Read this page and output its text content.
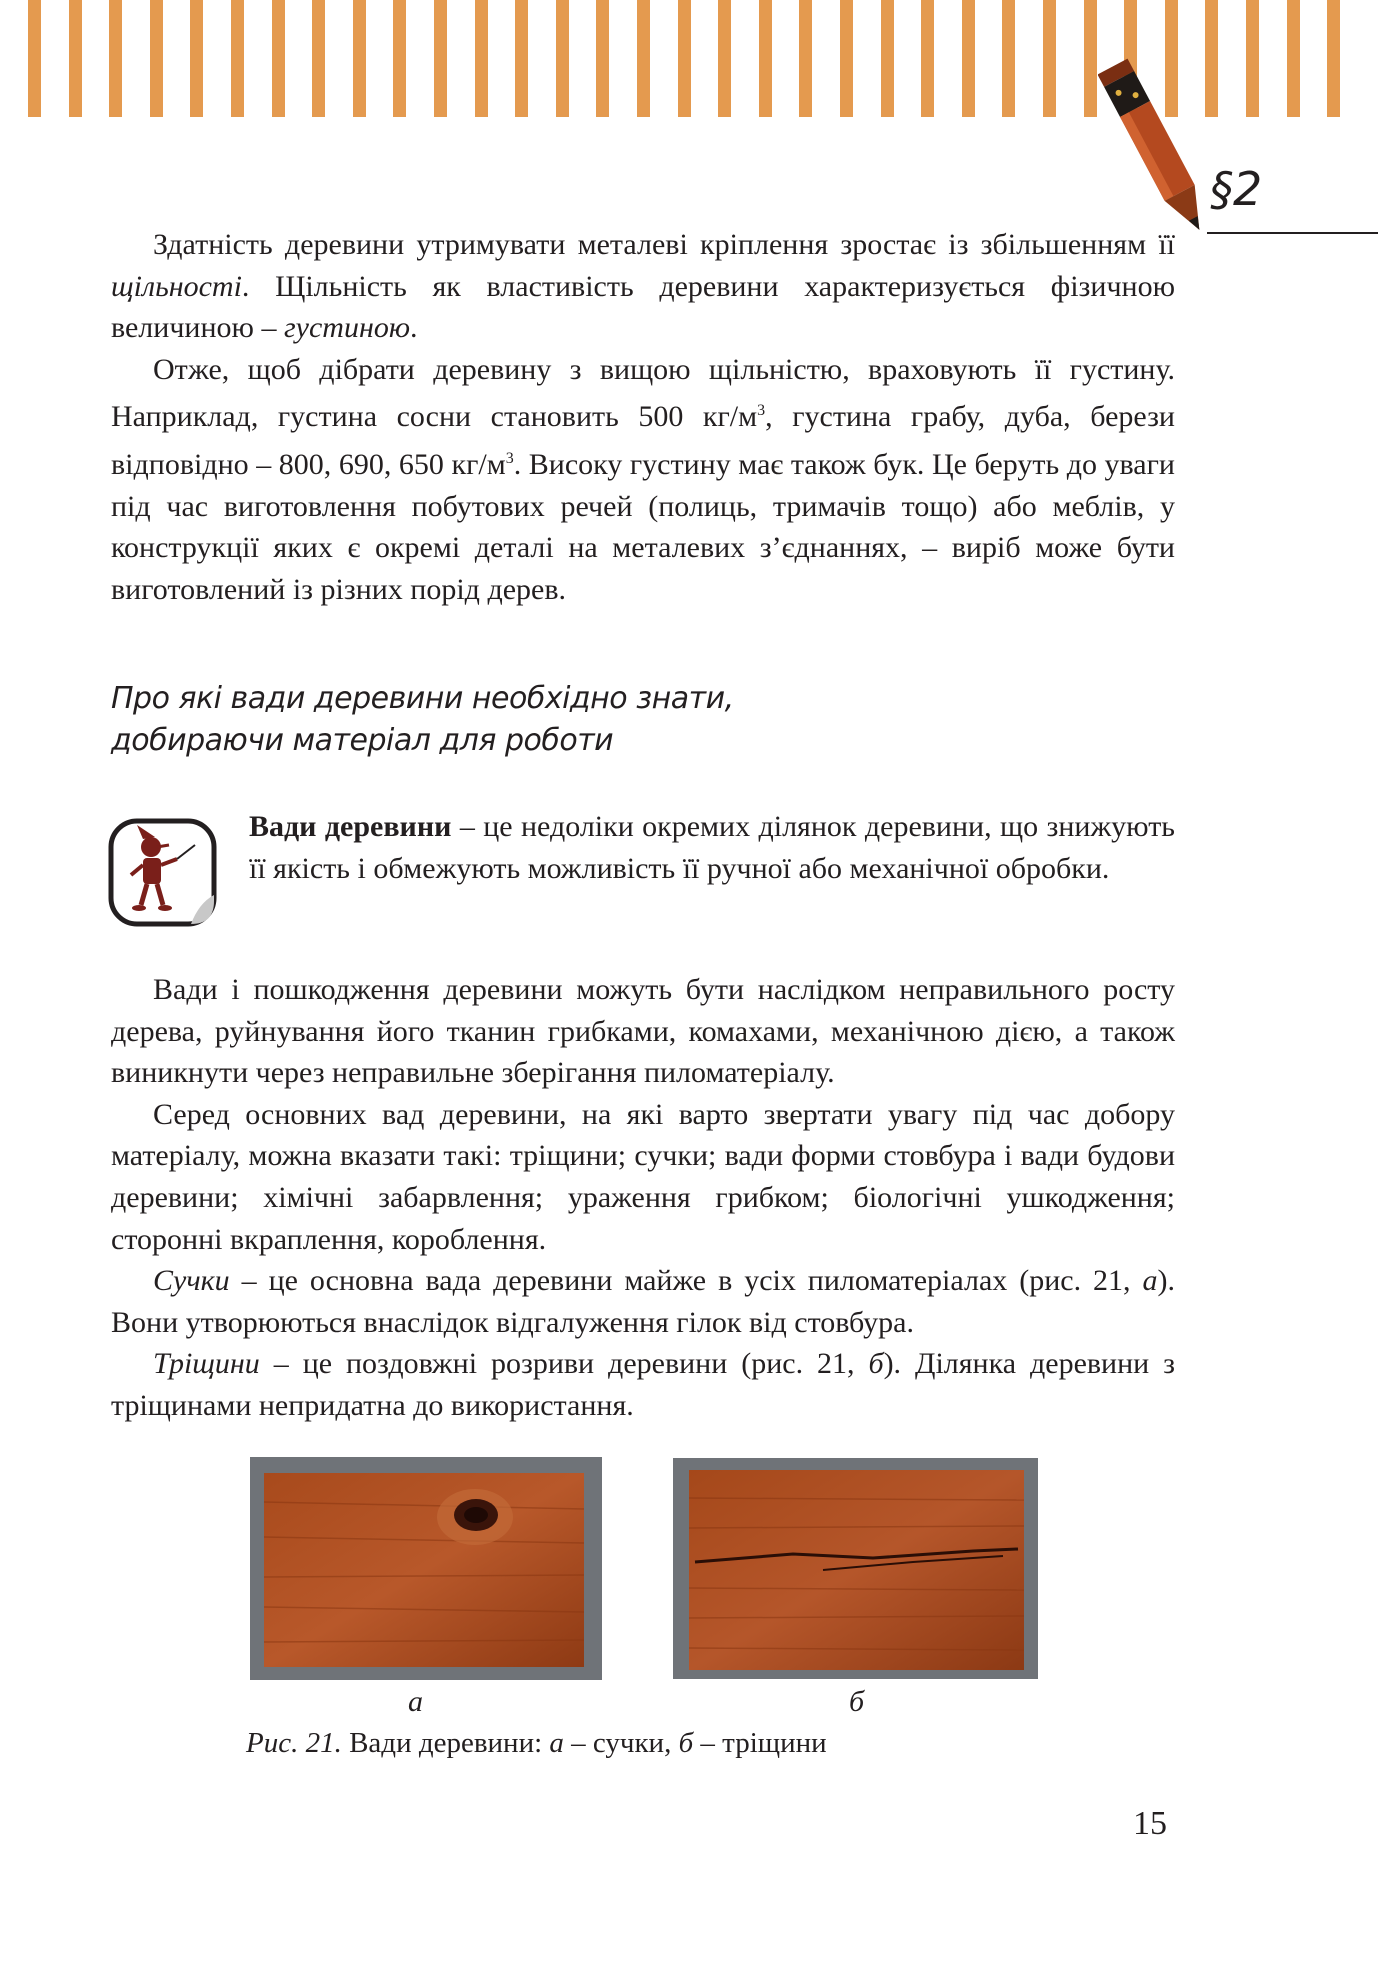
§2

Здатність деревини утримувати металеві кріплення зростає із збільшенням її щільності. Щільність як властивість деревини характеризується фізичною величиною – густиною.

Отже, щоб дібрати деревину з вищою щільністю, враховують її густину. Наприклад, густина сосни становить 500 $кг/м^3$, густина грабу, дуба, берези відповідно – 800, 690, 650 $кг/м^3$. Високу густину має також бук. Це беруть до уваги під час виготовлення побутових речей (полиць, тримачів тощо) або меблів, у конструкції яких є окремі деталі на металевих з’єднаннях, – виріб може бути виготовлений із різних порід дерев.

Про які вади деревини необхідно знати,
добираючи матеріал для роботи
Вади деревини – це недоліки окремих ділянок деревини, що знижують її якість і обмежують можливість її ручної або механічної обробки.

Вади і пошкодження деревини можуть бути наслідком неправильного росту дерева, руйнування його тканин грибками, комахами, механічною дією, а також виникнути через неправильне зберігання пиломатеріалу.

Серед основних вад деревини, на які варто звертати увагу під час добору матеріалу, можна вказати такі: тріщини; сучки; вади форми стовбура і вади будови деревини; хімічні забарвлення; ураження грибком; біологічні ушкодження; сторонні вкраплення, короблення.

Сучки – це основна вада деревини майже в усіх пиломатеріалах (рис. 21, а). Вони утворюються внаслідок відгалуження гілок від стовбура.

Тріщини – це поздовжні розриви деревини (рис. 21, б). Ділянка деревини з тріщинами непридатна до використання.

а	б
Рис. 21. Вади деревини: а – сучки, б – тріщини
15
